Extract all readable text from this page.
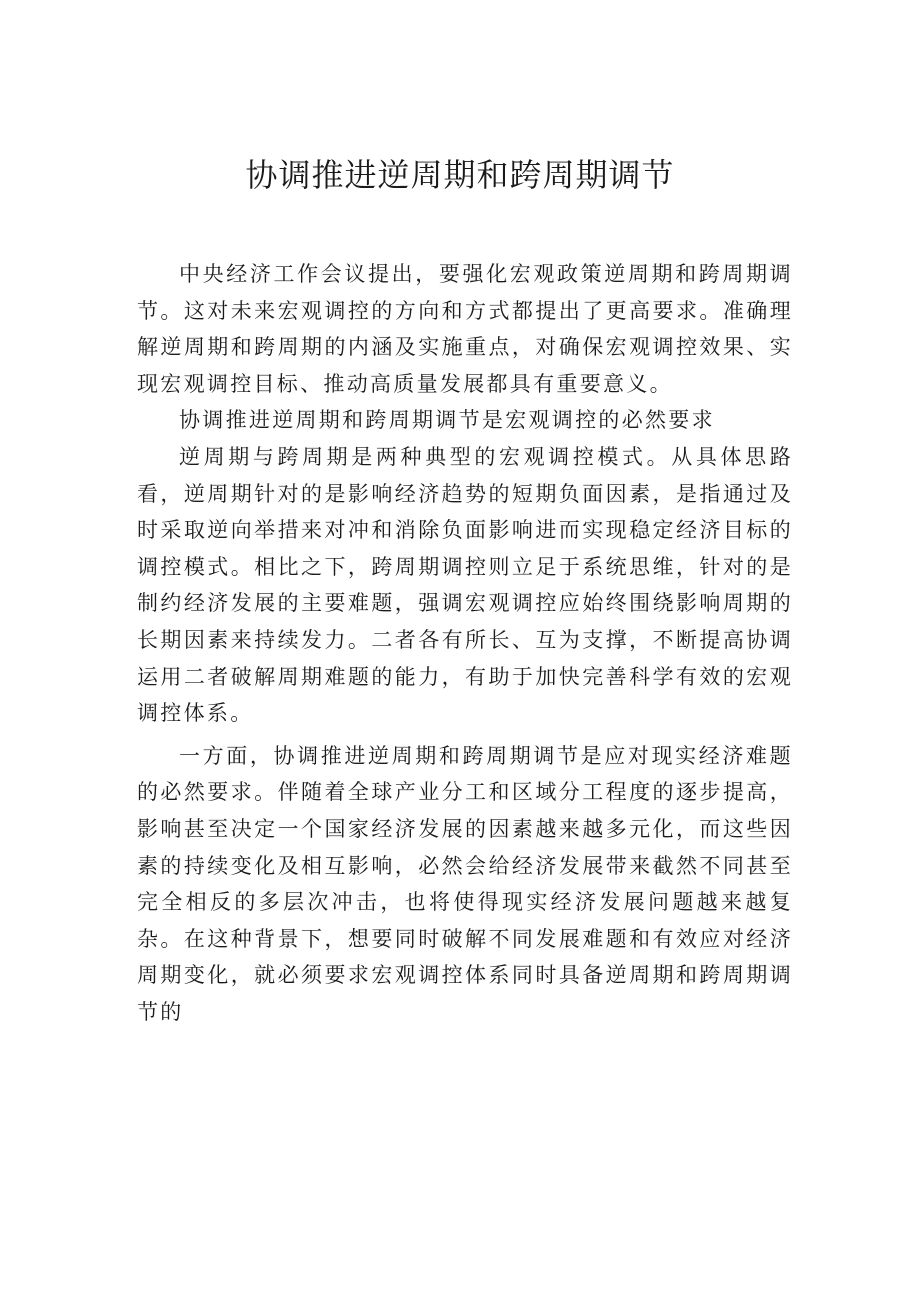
协调推进逆周期和跨周期调节

中央经济工作会议提出，要强化宏观政策逆周期和跨周期调节。这对未来宏观调控的方向和方式都提出了更高要求。准确理解逆周期和跨周期的内涵及实施重点，对确保宏观调控效果、实现宏观调控目标、推动高质量发展都具有重要意义。

协调推进逆周期和跨周期调节是宏观调控的必然要求

逆周期与跨周期是两种典型的宏观调控模式。从具体思路看，逆周期针对的是影响经济趋势的短期负面因素，是指通过及时采取逆向举措来对冲和消除负面影响进而实现稳定经济目标的调控模式。相比之下，跨周期调控则立足于系统思维，针对的是制约经济发展的主要难题，强调宏观调控应始终围绕影响周期的长期因素来持续发力。二者各有所长、互为支撑，不断提高协调运用二者破解周期难题的能力，有助于加快完善科学有效的宏观调控体系。

一方面，协调推进逆周期和跨周期调节是应对现实经济难题的必然要求。伴随着全球产业分工和区域分工程度的逐步提高，影响甚至决定一个国家经济发展的因素越来越多元化，而这些因素的持续变化及相互影响，必然会给经济发展带来截然不同甚至完全相反的多层次冲击，也将使得现实经济发展问题越来越复杂。在这种背景下，想要同时破解不同发展难题和有效应对经济周期变化，就必须要求宏观调控体系同时具备逆周期和跨周期调节的
